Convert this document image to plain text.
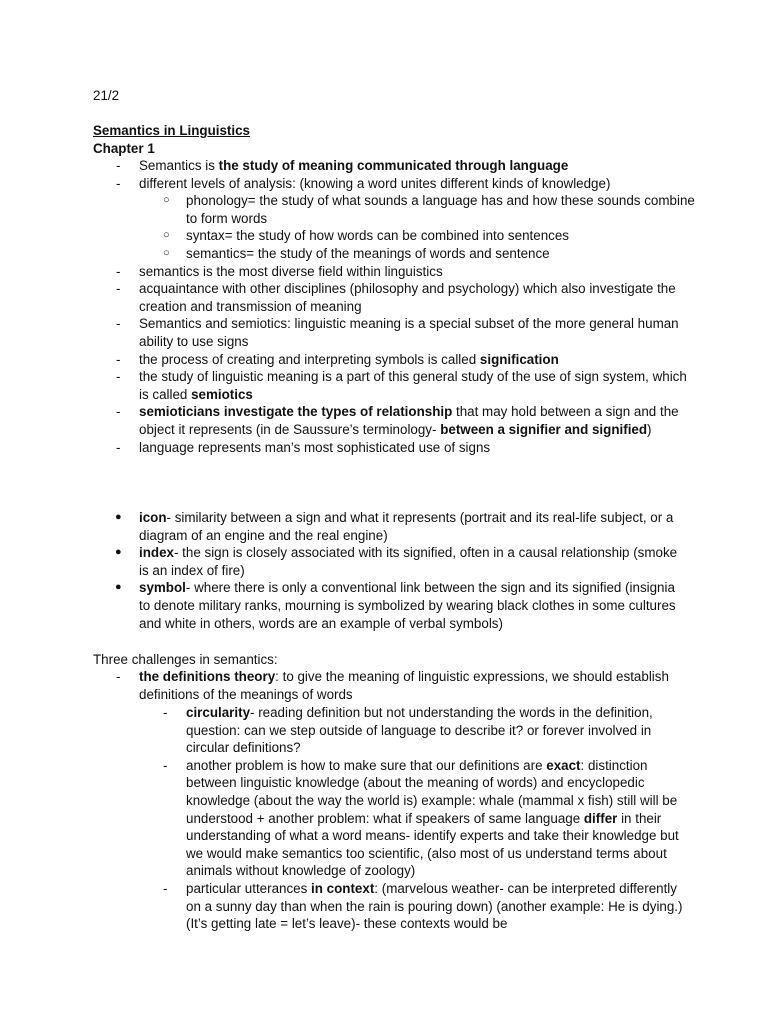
21/2
Semantics in Linguistics
Chapter 1
- Semantics is the study of meaning communicated through language
- different levels of analysis: (knowing a word unites different kinds of knowledge)
○ phonology= the study of what sounds a language has and how these sounds combine to form words
○ syntax= the study of how words can be combined into sentences
○ semantics= the study of the meanings of words and sentence
- semantics is the most diverse field within linguistics
- acquaintance with other disciplines (philosophy and psychology) which also investigate the creation and transmission of meaning
- Semantics and semiotics: linguistic meaning is a special subset of the more general human ability to use signs
- the process of creating and interpreting symbols is called signification
- the study of linguistic meaning is a part of this general study of the use of sign system, which is called semiotics
- semioticians investigate the types of relationship that may hold between a sign and the object it represents (in de Saussure’s terminology- between a signifier and signified)
- language represents man’s most sophisticated use of signs
● icon- similarity between a sign and what it represents (portrait and its real-life subject, or a diagram of an engine and the real engine)
● index- the sign is closely associated with its signified, often in a causal relationship (smoke is an index of fire)
● symbol- where there is only a conventional link between the sign and its signified (insignia to denote military ranks, mourning is symbolized by wearing black clothes in some cultures and white in others, words are an example of verbal symbols)
Three challenges in semantics:
- the definitions theory: to give the meaning of linguistic expressions, we should establish definitions of the meanings of words
- circularity- reading definition but not understanding the words in the definition, question: can we step outside of language to describe it? or forever involved in circular definitions?
- another problem is how to make sure that our definitions are exact: distinction between linguistic knowledge (about the meaning of words) and encyclopedic knowledge (about the way the world is) example: whale (mammal x fish) still will be understood + another problem: what if speakers of same language differ in their understanding of what a word means- identify experts and take their knowledge but we would make semantics too scientific, (also most of us understand terms about animals without knowledge of zoology)
- particular utterances in context: (marvelous weather- can be interpreted differently on a sunny day than when the rain is pouring down) (another example: He is dying.) (It’s getting late = let’s leave)- these contexts would be
